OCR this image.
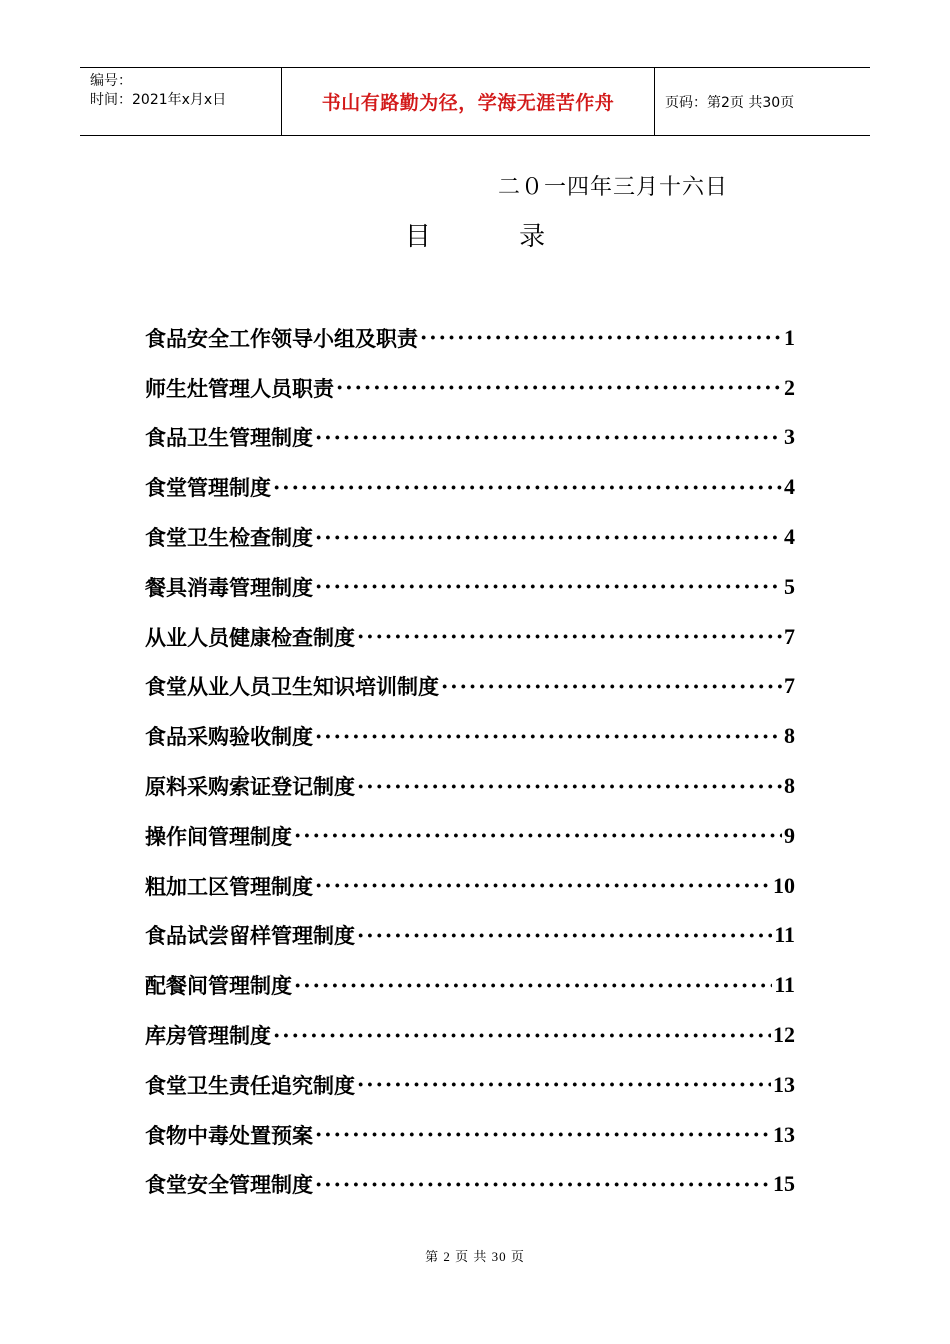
编号：
时间：2021年x月x日	书山有路勤为径，学海无涯苦作舟	页码：第2页 共30页
二０一四年三月十六日
目	录
食品安全工作领导小组及职责 ·····	1
师生灶管理人员职责 ·····	2
食品卫生管理制度 ·····	3
食堂管理制度 ·····	4
食堂卫生检查制度 ·····	4
餐具消毒管理制度 ·····	5
从业人员健康检查制度 ·····	7
食堂从业人员卫生知识培训制度 ·····	7
食品采购验收制度 ·····	8
原料采购索证登记制度 ·····	8
操作间管理制度 ·····	9
粗加工区管理制度 ·····	10
食品试尝留样管理制度 ·····	11
配餐间管理制度 ·····	11
库房管理制度 ·····	12
食堂卫生责任追究制度 ·····	13
食物中毒处置预案 ·····	13
食堂安全管理制度 ·····	15
第 2 页 共 30 页
